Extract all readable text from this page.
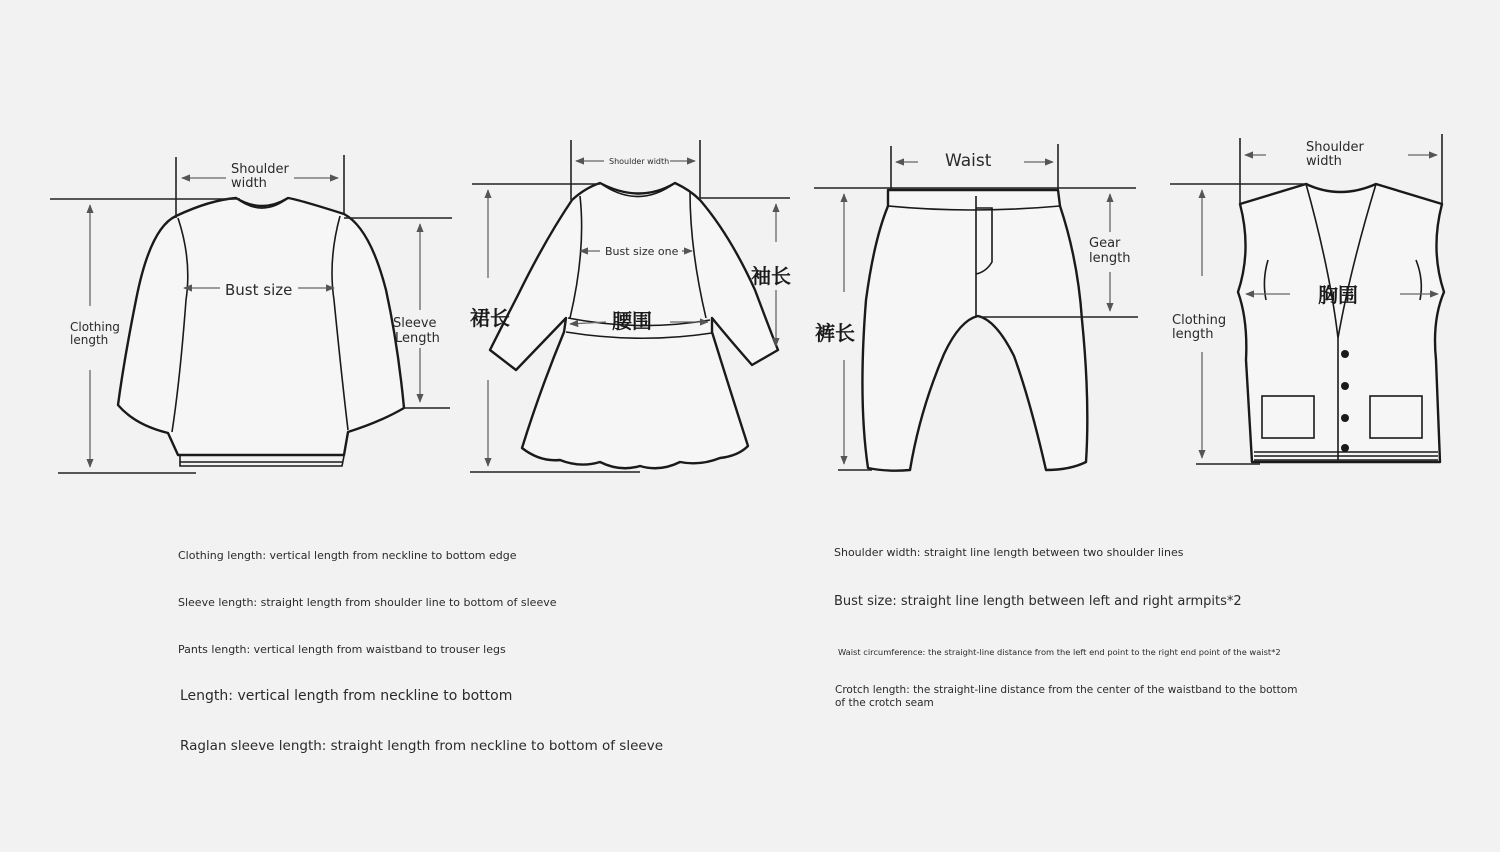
Shoulder width
Bust size
Clothing length
Sleeve Length
Shoulder width
Bust size one
裙长	腰围
袖长
Waist
Gear length
裤长
Shoulder width
Clothing length
胸围

Clothing length: vertical length from neckline to bottom edge

Sleeve length: straight length from shoulder line to bottom of sleeve

Pants length: vertical length from waistband to trouser legs

Length: vertical length from neckline to bottom

Raglan sleeve length: straight length from neckline to bottom of sleeve

Shoulder width: straight line length between two shoulder lines

Bust size: straight line length between left and right armpits*2

Waist circumference: the straight-line distance from the left end point to the right end point of the waist*2

Crotch length: the straight-line distance from the center of the waistband to the bottom of the crotch seam
